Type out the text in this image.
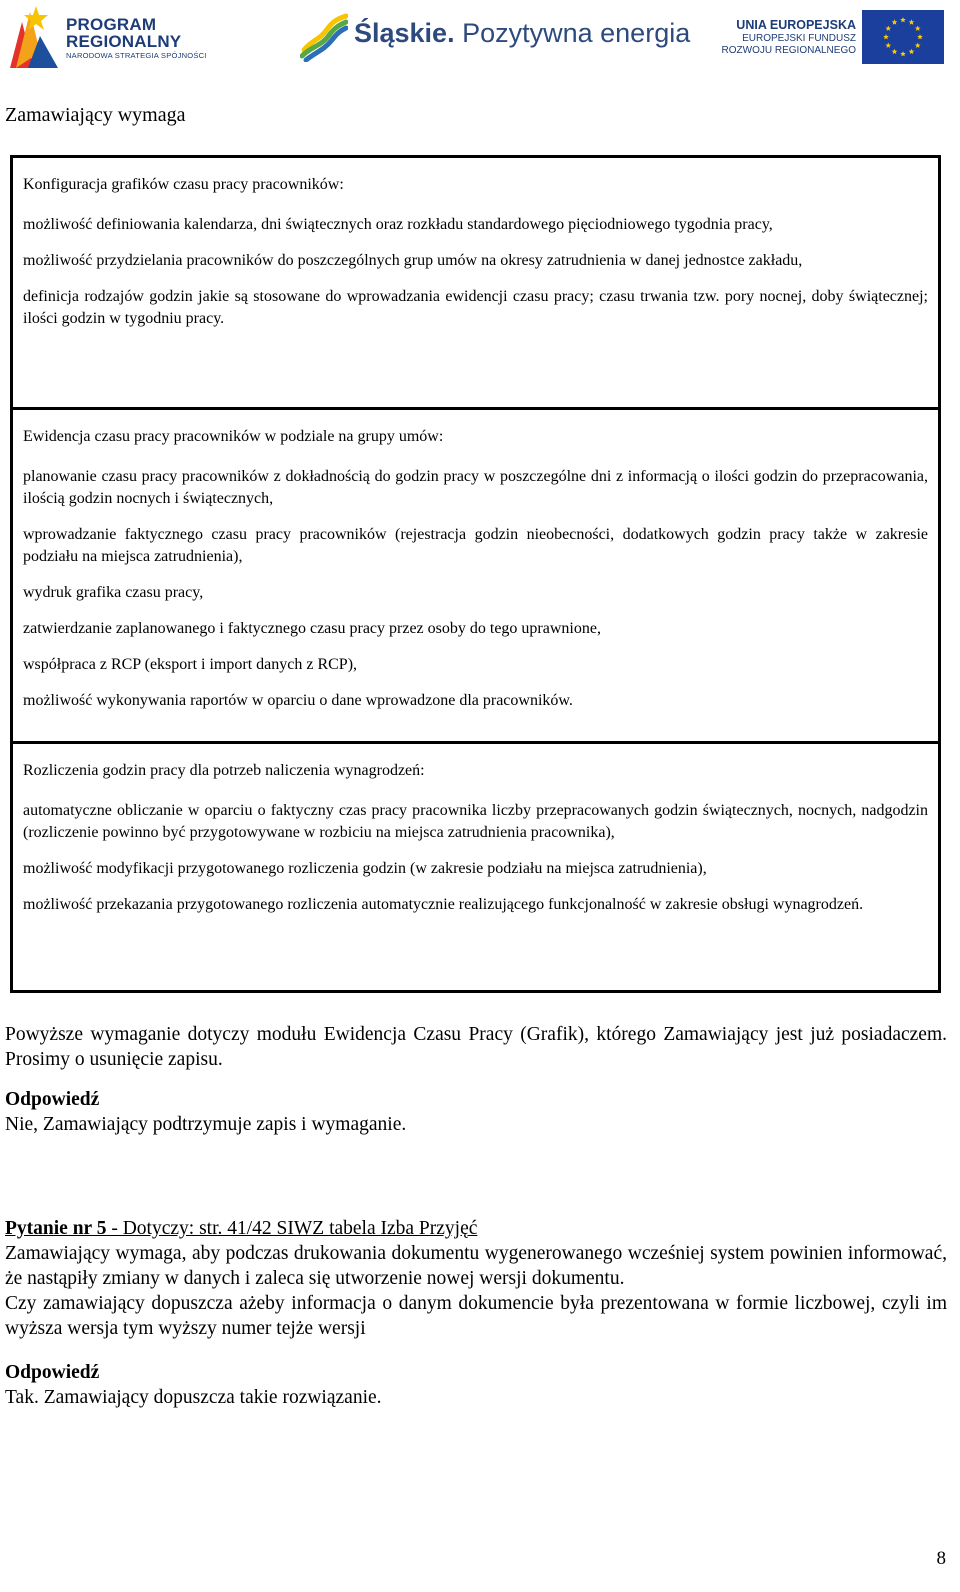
PROGRAM
REGIONALNY
NARODOWA STRATEGIA SPÓJNOŚCI
Śląskie. Pozytywna energia	UNIA EUROPEJSKA
EUROPEJSKI FUNDUSZ
ROZWOJU REGIONALNEGO
Zamawiający wymaga

Konfiguracja grafików czasu pracy pracowników:

możliwość definiowania kalendarza, dni świątecznych oraz rozkładu standardowego pięciodniowego tygodnia pracy,

możliwość przydzielania pracowników do poszczególnych grup umów na okresy zatrudnienia w danej jednostce zakładu,

definicja rodzajów godzin jakie są stosowane do wprowadzania ewidencji czasu pracy; czasu trwania tzw. pory nocnej, doby świątecznej; ilości godzin w tygodniu pracy.

Ewidencja czasu pracy pracowników w podziale na grupy umów:

planowanie czasu pracy pracowników z dokładnością do godzin pracy w poszczególne dni z informacją o ilości godzin do przepracowania, ilością godzin nocnych i świątecznych,

wprowadzanie faktycznego czasu pracy pracowników (rejestracja godzin nieobecności, dodatkowych godzin pracy także w zakresie podziału na miejsca zatrudnienia),

wydruk grafika czasu pracy,

zatwierdzanie zaplanowanego i faktycznego czasu pracy przez osoby do tego uprawnione,

współpraca z RCP (eksport i import danych z RCP),

możliwość wykonywania raportów w oparciu o dane wprowadzone dla pracowników.

Rozliczenia godzin pracy dla potrzeb naliczenia wynagrodzeń:

automatyczne obliczanie w oparciu o faktyczny czas pracy pracownika liczby przepracowanych godzin świątecznych, nocnych, nadgodzin (rozliczenie powinno być przygotowywane w rozbiciu na miejsca zatrudnienia pracownika),

możliwość modyfikacji przygotowanego rozliczenia godzin (w zakresie podziału na miejsca zatrudnienia),

możliwość przekazania przygotowanego rozliczenia automatycznie realizującego funkcjonalność w zakresie obsługi wynagrodzeń.

Powyższe wymaganie dotyczy modułu Ewidencja Czasu Pracy (Grafik), którego Zamawiający jest już posiadaczem. Prosimy o usunięcie zapisu.

Odpowiedź

Nie, Zamawiający podtrzymuje zapis i wymaganie.

Pytanie nr 5 - Dotyczy: str. 41/42 SIWZ tabela Izba Przyjęć

Zamawiający wymaga, aby podczas drukowania dokumentu wygenerowanego wcześniej system powinien informować, że nastąpiły zmiany w danych i zaleca się utworzenie nowej wersji dokumentu.

Czy zamawiający dopuszcza ażeby informacja o danym dokumencie była prezentowana w formie liczbowej, czyli im wyższa wersja tym wyższy numer tejże wersji

Odpowiedź

Tak. Zamawiający dopuszcza takie rozwiązanie.

8
